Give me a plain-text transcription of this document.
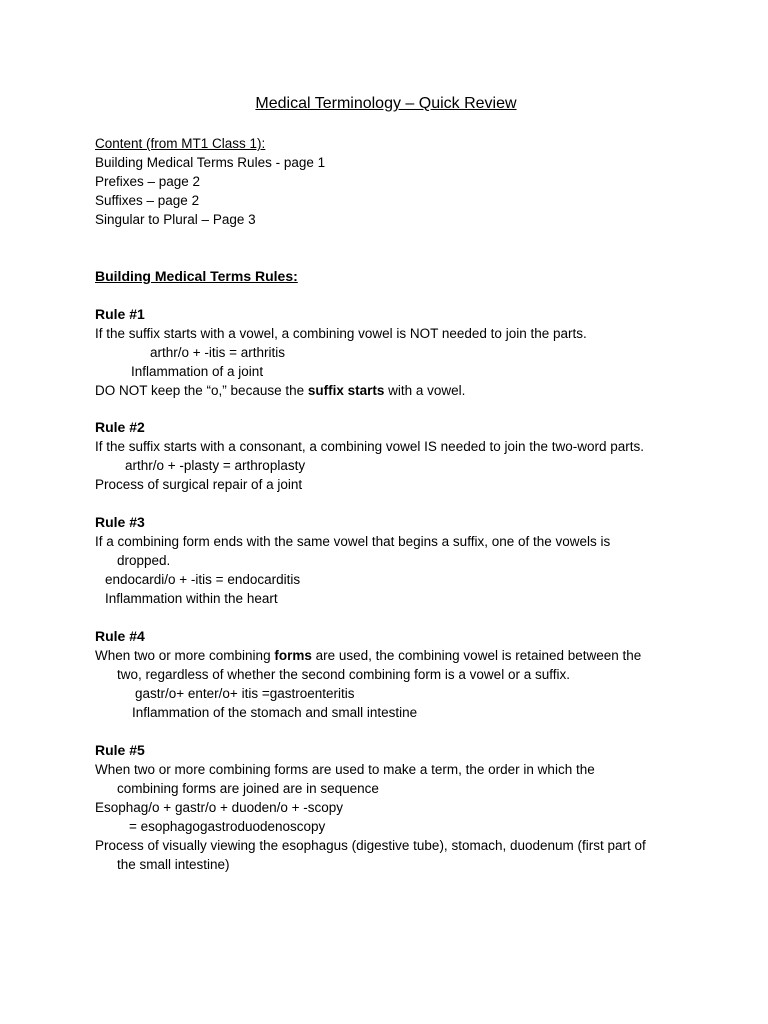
Medical Terminology – Quick Review
Content (from MT1 Class 1):
Building Medical Terms Rules - page 1
Prefixes – page 2
Suffixes – page 2
Singular to Plural – Page 3
Building Medical Terms Rules:
Rule #1
If the suffix starts with a vowel, a combining vowel is NOT needed to join the parts.
arthr/o + -itis = arthritis
Inflammation of a joint
DO NOT keep the “o,” because the suffix starts with a vowel.
Rule #2
If the suffix starts with a consonant, a combining vowel IS needed to join the two-word parts.
arthr/o + -plasty = arthroplasty
Process of surgical repair of a joint
Rule #3
If a combining form ends with the same vowel that begins a suffix, one of the vowels is
dropped.
endocardi/o + -itis = endocarditis
Inflammation within the heart
Rule #4
When two or more combining forms are used, the combining vowel is retained between the
two, regardless of whether the second combining form is a vowel or a suffix.
gastr/o+ enter/o+ itis =gastroenteritis
Inflammation of the stomach and small intestine
Rule #5
When two or more combining forms are used to make a term, the order in which the
combining forms are joined are in sequence
Esophag/o + gastr/o + duoden/o + -scopy
= esophagogastroduodenoscopy
Process of visually viewing the esophagus (digestive tube), stomach, duodenum (first part of
the small intestine)
